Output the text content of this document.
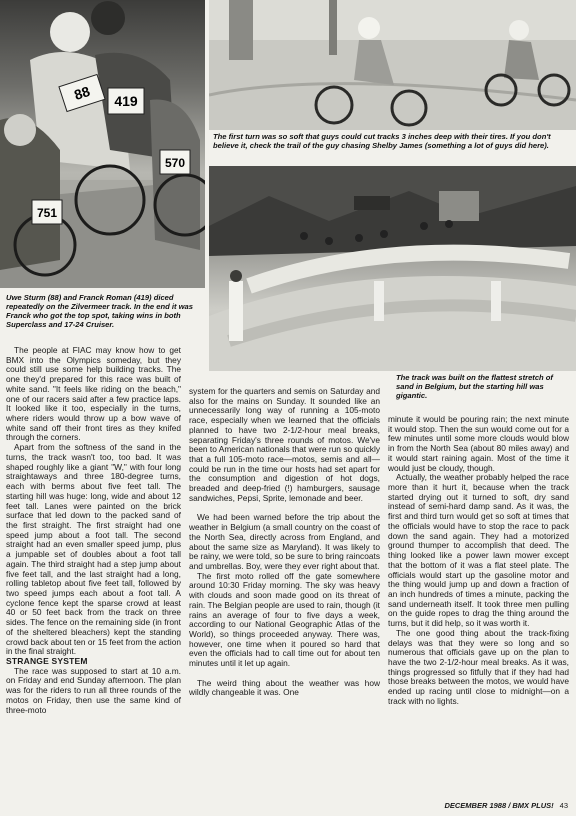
88 419
570
751
The first turn was so soft that guys could cut tracks 3 inches deep with their tires. If you don't believe it, check the trail of the guy chasing Shelby James (something a lot of guys did here).
Uwe Sturm (88) and Franck Roman (419) diced repeatedly on the Zilvermeer track. In the end it was Franck who got the top spot, taking wins in both Superclass and 17-24 Cruiser.
The track was built on the flattest stretch of sand in Belgium, but the starting hill was gigantic.

The people at FIAC may know how to get BMX into the Olympics someday, but they could still use some help building tracks. The one they'd prepared for this race was built of white sand. "It feels like riding on the beach," one of our racers said after a few practice laps. It looked like it too, especially in the turns, where riders would throw up a bow wave of white sand off their front tires as they knifed through the corners.

Apart from the softness of the sand in the turns, the track wasn't too, too bad. It was shaped roughly like a giant "W," with four long straightaways and three 180-degree turns, each with berms about five feet tall. The starting hill was huge: long, wide and about 12 feet tall. Lanes were painted on the brick surface that led down to the packed sand of the first straight. The first straight had one speed jump about a foot tall. The second straight had an even smaller speed jump, plus a jumpable set of doubles about a foot tall again. The third straight had a step jump about five feet tall, and the last straight had a long, rolling tabletop about five feet tall, followed by two speed jumps each about a foot tall. A cyclone fence kept the sparse crowd at least 40 or 50 feet back from the track on three sides. The fence on the remaining side (in front of the sheltered bleachers) kept the standing crowd back about ten or 15 feet from the action in the final straight.

STRANGE SYSTEM

The race was supposed to start at 10 a.m. on Friday and end Sunday afternoon. The plan was for the riders to run all three rounds of the motos on Friday, then use the same kind of three-moto

system for the quarters and semis on Saturday and also for the mains on Sunday. It sounded like an unnecessarily long way of running a 105-moto race, especially when we learned that the officials planned to have two 2-1/2-hour meal breaks, separating Friday's three rounds of motos. We've been to American nationals that were run so quickly that a full 105-moto race—motos, semis and all—could be run in the time our hosts had set apart for the consumption and digestion of hot dogs, breaded and deep-fried (!) hamburgers, sausage sandwiches, Pepsi, Sprite, lemonade and beer.

We had been warned before the trip about the weather in Belgium (a small country on the coast of the North Sea, directly across from England, and about the same size as Maryland). It was likely to be rainy, we were told, so be sure to bring raincoats and umbrellas. Boy, were they ever right about that.

The first moto rolled off the gate somewhere around 10:30 Friday morning. The sky was heavy with clouds and soon made good on its threat of rain. The Belgian people are used to rain, though (it rains an average of four to five days a week, according to our National Geographic Atlas of the World), so things proceeded anyway. There was, however, one time when it poured so hard that even the officials had to call time out for about ten minutes until it let up again.

The weird thing about the weather was how wildly changeable it was. One

minute it would be pouring rain; the next minute it would stop. Then the sun would come out for a few minutes until some more clouds would blow in from the North Sea (about 80 miles away) and it would start raining again. Most of the time it would just be cloudy, though.

Actually, the weather probably helped the race more than it hurt it, because when the track started drying out it turned to soft, dry sand instead of semi-hard damp sand. As it was, the first and third turn would get so soft at times that the officials would have to stop the race to pack down the sand again. They had a motorized ground thumper to accomplish that deed. The thing looked like a power lawn mower except that the bottom of it was a flat steel plate. The officials would start up the gasoline motor and the thing would jump up and down a fraction of an inch hundreds of times a minute, packing the sand underneath itself. It took three men pulling on the guide ropes to drag the thing around the turns, but it did help, so it was worth it.

The one good thing about the track-fixing delays was that they were so long and so numerous that officials gave up on the plan to have the two 2-1/2-hour meal breaks. As it was, things progressed so fitfully that if they had had those breaks between the motos, we would have ended up racing until close to midnight—on a track with no lights.

DECEMBER 1988 / BMX PLUS! 43
